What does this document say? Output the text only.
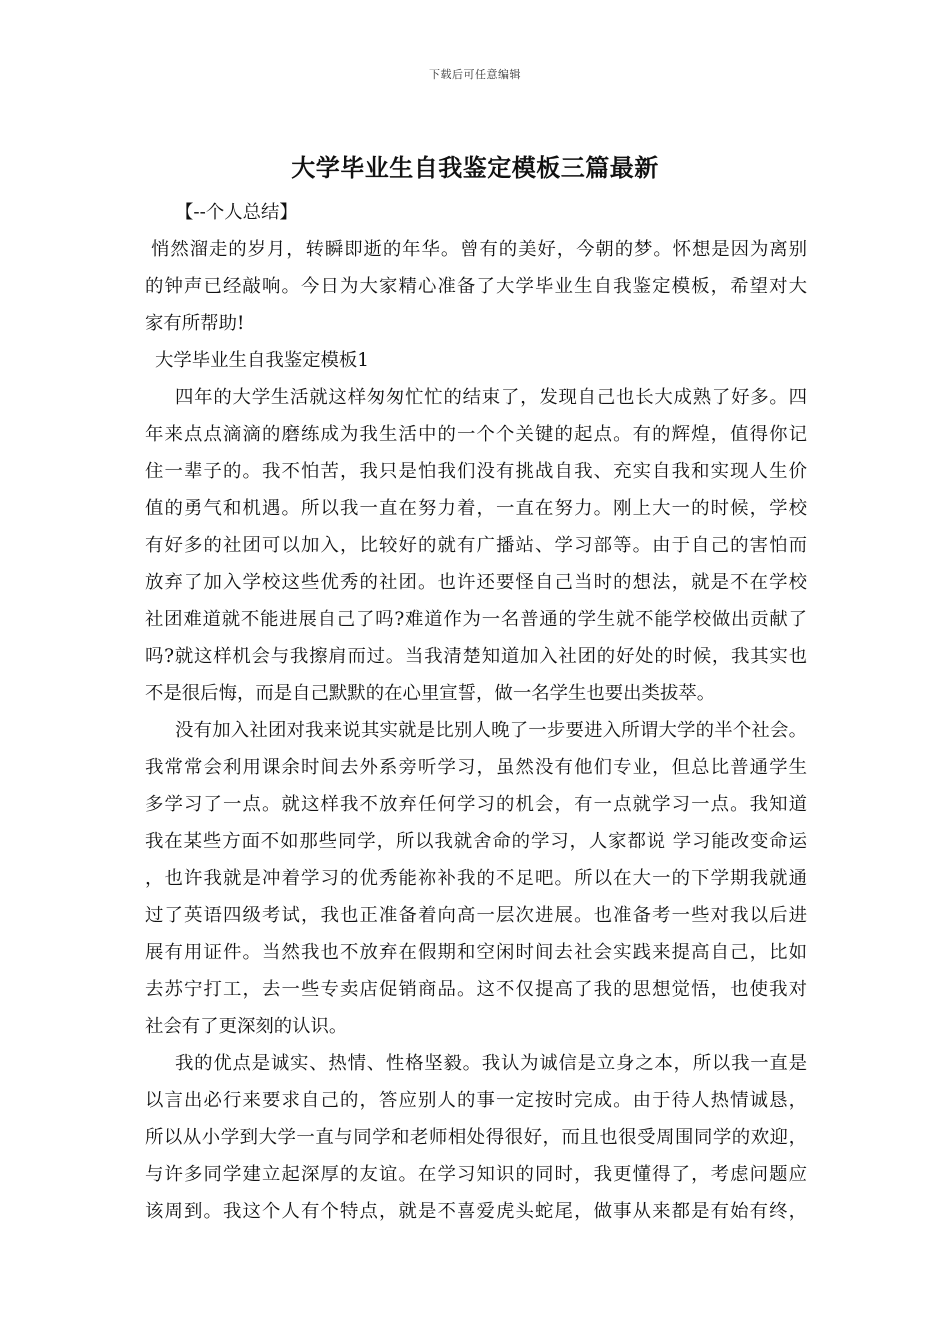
下载后可任意编辑
大学毕业生自我鉴定模板三篇最新
【--个人总结】
悄然溜走的岁月，转瞬即逝的年华。曾有的美好，今朝的梦。怀想是因为离别
的钟声已经敲响。今日为大家精心准备了大学毕业生自我鉴定模板，希望对大
家有所帮助!
大学毕业生自我鉴定模板1
四年的大学生活就这样匆匆忙忙的结束了，发现自己也长大成熟了好多。四
年来点点滴滴的磨练成为我生活中的一个个关键的起点。有的辉煌，值得你记
住一辈子的。我不怕苦，我只是怕我们没有挑战自我、充实自我和实现人生价
值的勇气和机遇。所以我一直在努力着，一直在努力。刚上大一的时候，学校
有好多的社团可以加入，比较好的就有广播站、学习部等。由于自己的害怕而
放弃了加入学校这些优秀的社团。也许还要怪自己当时的想法，就是不在学校
社团难道就不能进展自己了吗?难道作为一名普通的学生就不能学校做出贡献了
吗?就这样机会与我擦肩而过。当我清楚知道加入社团的好处的时候，我其实也
不是很后悔，而是自己默默的在心里宣誓，做一名学生也要出类拔萃。
没有加入社团对我来说其实就是比别人晚了一步要进入所谓大学的半个社会。
我常常会利用课余时间去外系旁听学习，虽然没有他们专业，但总比普通学生
多学习了一点。就这样我不放弃任何学习的机会，有一点就学习一点。我知道
我在某些方面不如那些同学，所以我就舍命的学习，人家都说 学习能改变命运
，也许我就是冲着学习的优秀能祢补我的不足吧。所以在大一的下学期我就通
过了英语四级考试，我也正准备着向高一层次进展。也准备考一些对我以后进
展有用证件。当然我也不放弃在假期和空闲时间去社会实践来提高自己，比如
去苏宁打工，去一些专卖店促销商品。这不仅提高了我的思想觉悟，也使我对
社会有了更深刻的认识。
我的优点是诚实、热情、性格坚毅。我认为诚信是立身之本，所以我一直是
以言出必行来要求自己的，答应别人的事一定按时完成。由于待人热情诚恳，
所以从小学到大学一直与同学和老师相处得很好，而且也很受周围同学的欢迎，
与许多同学建立起深厚的友谊。在学习知识的同时，我更懂得了，考虑问题应
该周到。我这个人有个特点，就是不喜爱虎头蛇尾，做事从来都是有始有终，
